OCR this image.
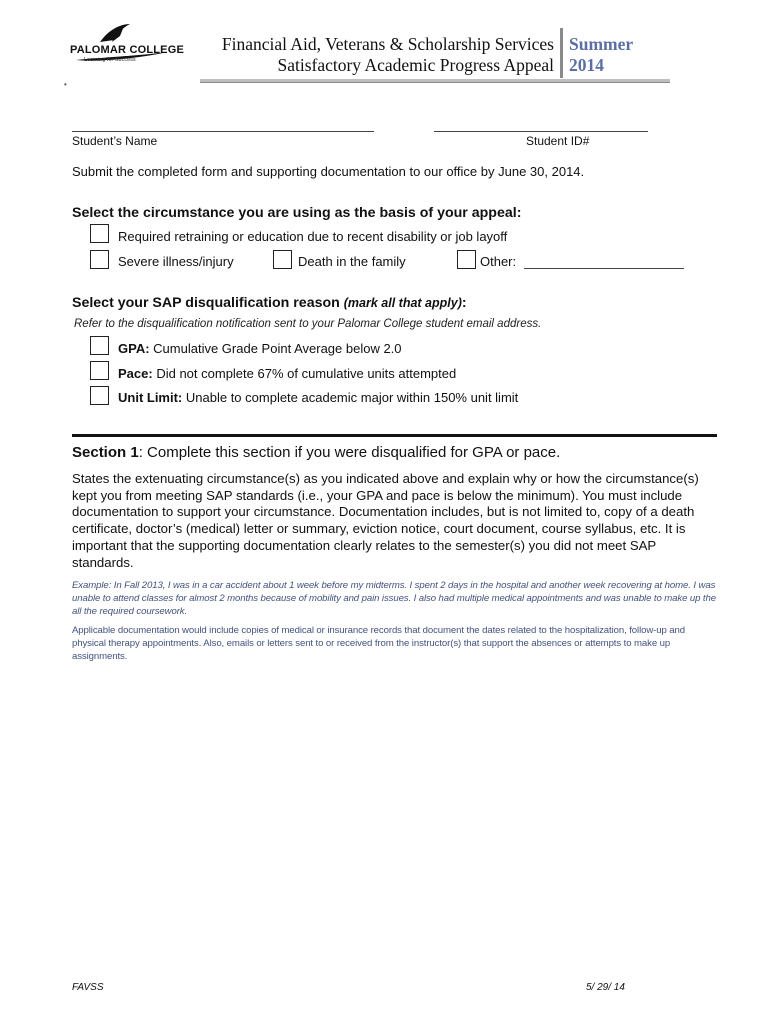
PALOMAR COLLEGE
Learning for Success
•
Financial Aid, Veterans & Scholarship Services
Satisfactory Academic Progress Appeal
Summer
2014
Student’s Name	Student ID#
Submit the completed form and supporting documentation to our office by June 30, 2014.
Select the circumstance you are using as the basis of your appeal:
Required retraining or education due to recent disability or job layoff
Severe illness/injury	Death in the family	Other:
Select your SAP disqualification reason (mark all that apply):
Refer to the disqualification notification sent to your Palomar College student email address.
GPA: Cumulative Grade Point Average below 2.0
Pace: Did not complete 67% of cumulative units attempted
Unit Limit: Unable to complete academic major within 150% unit limit
Section 1: Complete this section if you were disqualified for GPA or pace.
States the extenuating circumstance(s) as you indicated above and explain why or how the circumstance(s) kept you from meeting SAP standards (i.e., your GPA and pace is below the minimum). You must include documentation to support your circumstance. Documentation includes, but is not limited to, copy of a death certificate, doctor’s (medical) letter or summary, eviction notice, court document, course syllabus, etc. It is important that the supporting documentation clearly relates to the semester(s) you did not meet SAP standards.
Example: In Fall 2013, I was in a car accident about 1 week before my midterms. I spent 2 days in the hospital and another week recovering at home. I was unable to attend classes for almost 2 months because of mobility and pain issues. I also had multiple medical appointments and was unable to make up the all the required coursework.
Applicable documentation would include copies of medical or insurance records that document the dates related to the hospitalization, follow-up and physical therapy appointments. Also, emails or letters sent to or received from the instructor(s) that support the absences or attempts to make up assignments.
FAVSS	5/ 29/ 14
